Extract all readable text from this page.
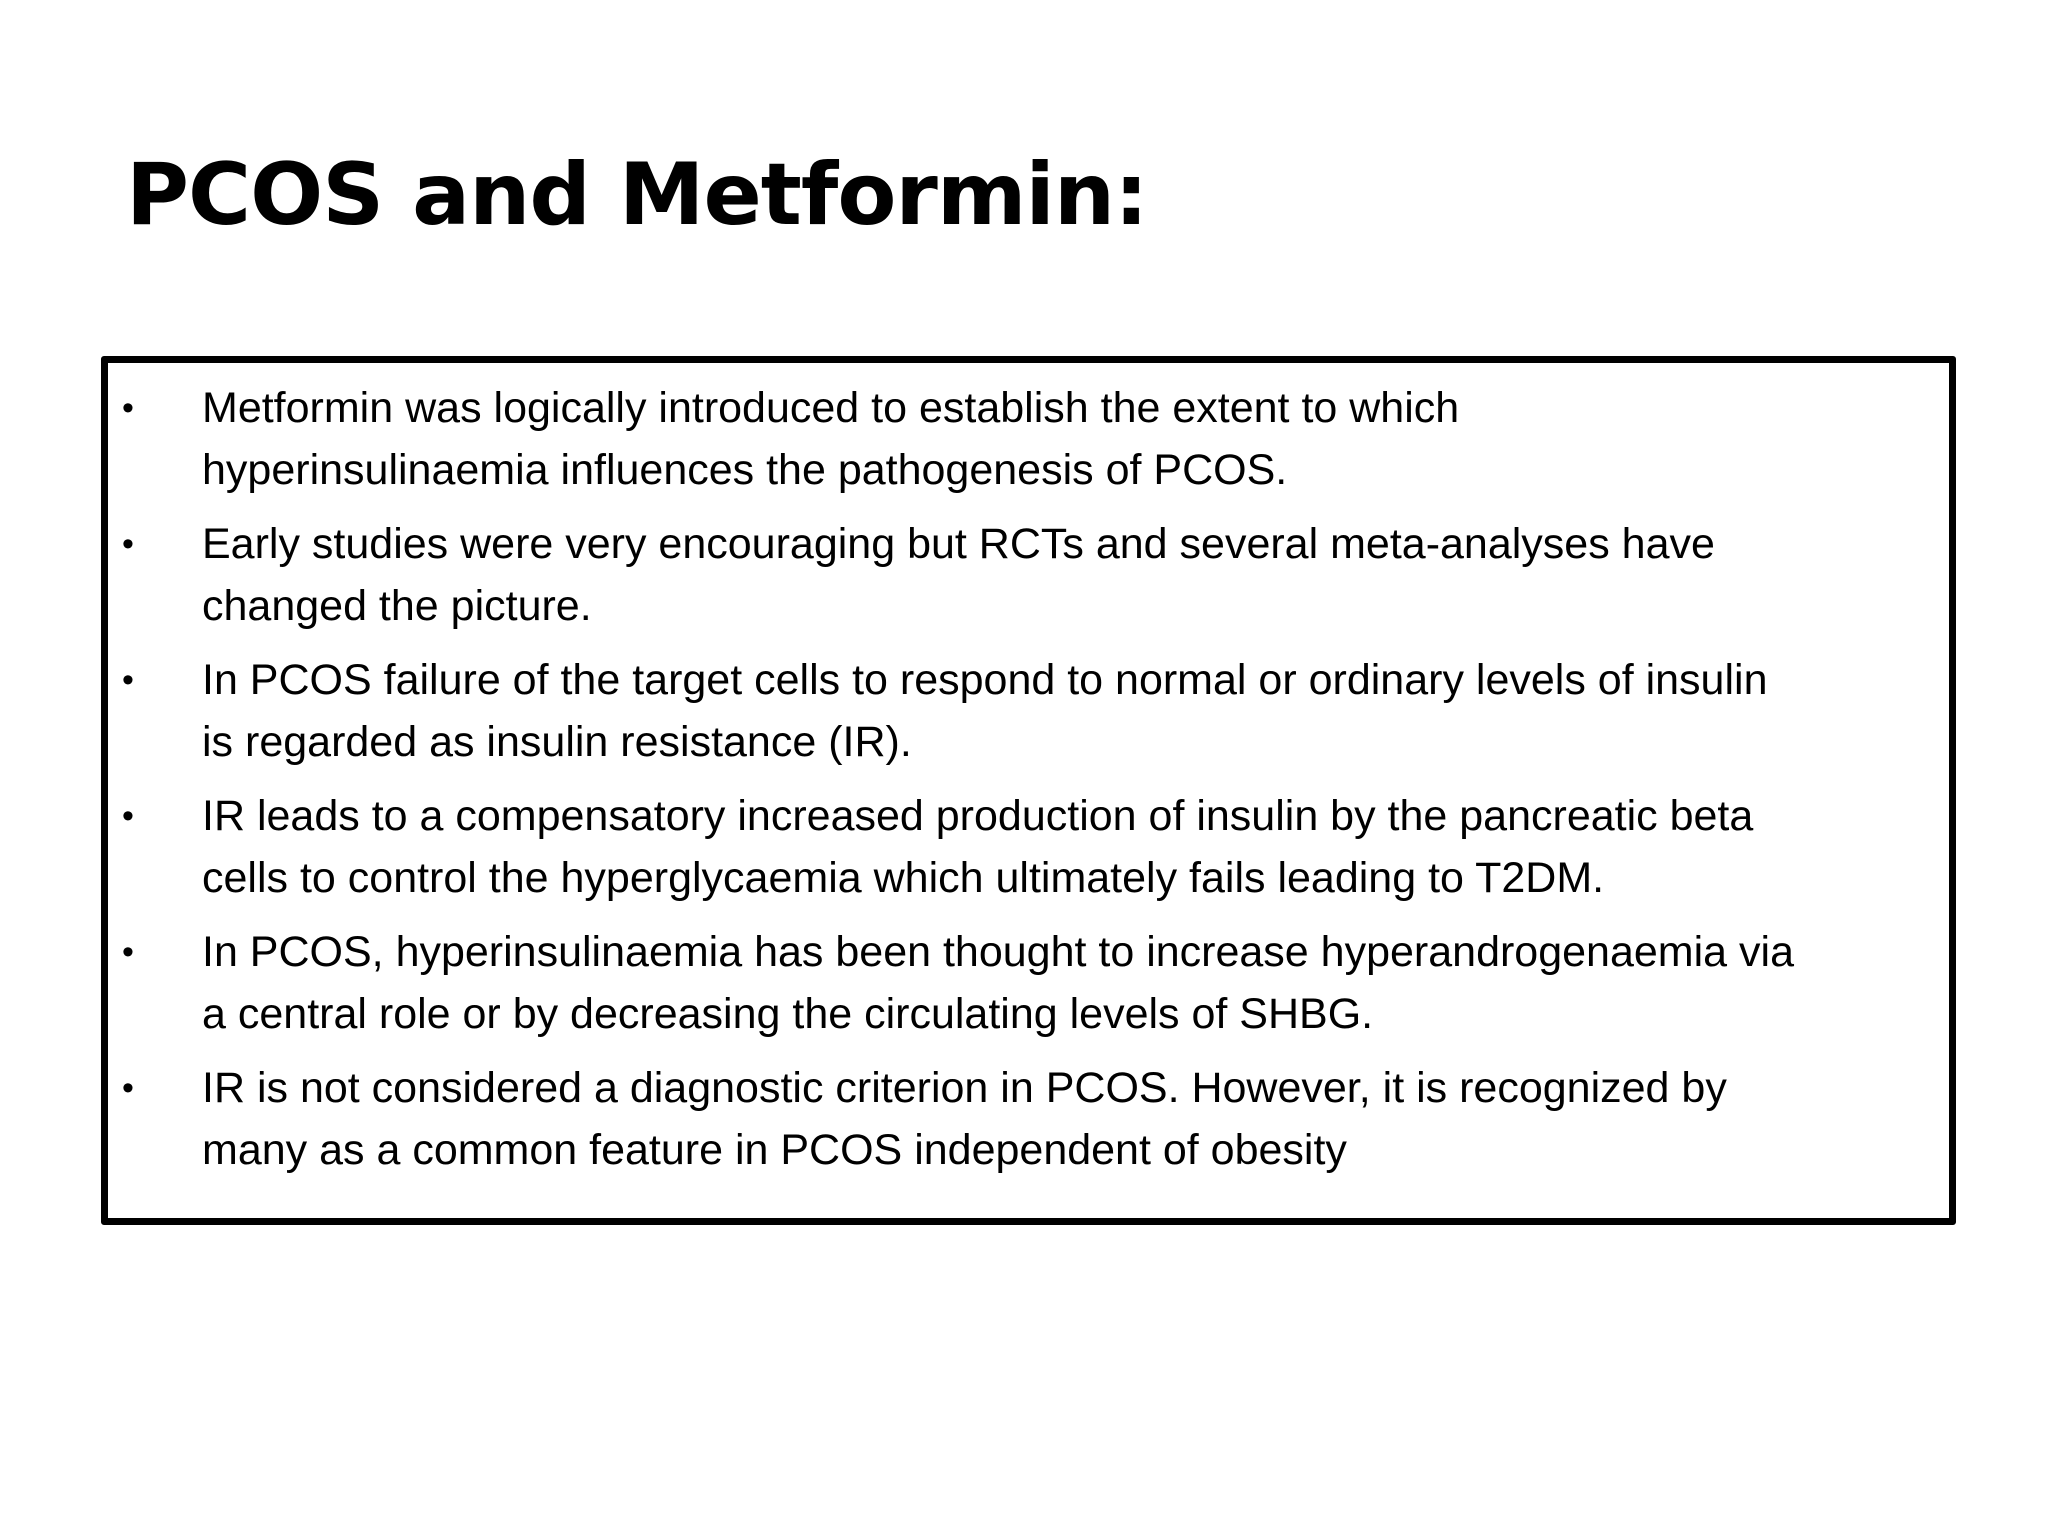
PCOS and Metformin:
•	Metformin was logically introduced to establish the extent to which
hyperinsulinaemia influences the pathogenesis of PCOS.
•	Early studies were very encouraging but RCTs and several meta-analyses have
changed the picture.
•	In PCOS failure of the target cells to respond to normal or ordinary levels of insulin
is regarded as insulin resistance (IR).
•	IR leads to a compensatory increased production of insulin by the pancreatic beta
cells to control the hyperglycaemia which ultimately fails leading to T2DM.
•	In PCOS, hyperinsulinaemia has been thought to increase hyperandrogenaemia via
a central role or by decreasing the circulating levels of SHBG.
•	IR is not considered a diagnostic criterion in PCOS. However, it is recognized by
many as a common feature in PCOS independent of obesity
